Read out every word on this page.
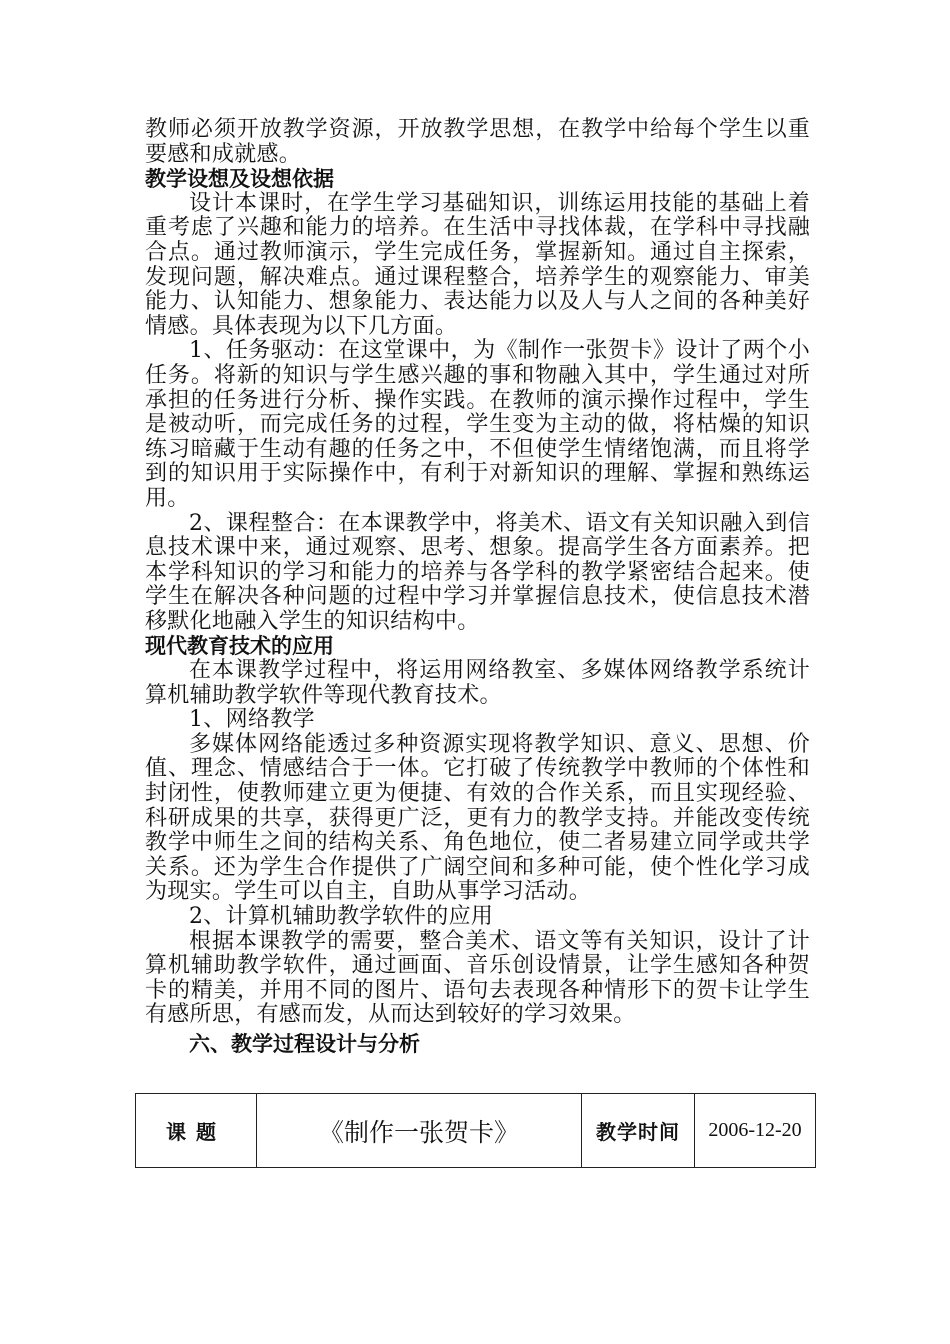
教师必须开放教学资源，开放教学思想，在教学中给每个学生以重要感和成就感。

教学设想及设想依据

设计本课时，在学生学习基础知识，训练运用技能的基础上着重考虑了兴趣和能力的培养。在生活中寻找体裁，在学科中寻找融合点。通过教师演示，学生完成任务，掌握新知。通过自主探索，发现问题，解决难点。通过课程整合，培养学生的观察能力、审美能力、认知能力、想象能力、表达能力以及人与人之间的各种美好情感。具体表现为以下几方面。

1、任务驱动：在这堂课中，为《制作一张贺卡》设计了两个小任务。将新的知识与学生感兴趣的事和物融入其中，学生通过对所承担的任务进行分析、操作实践。在教师的演示操作过程中，学生是被动听，而完成任务的过程，学生变为主动的做，将枯燥的知识练习暗藏于生动有趣的任务之中，不但使学生情绪饱满，而且将学到的知识用于实际操作中，有利于对新知识的理解、掌握和熟练运用。

2、课程整合：在本课教学中，将美术、语文有关知识融入到信息技术课中来，通过观察、思考、想象。提高学生各方面素养。把本学科知识的学习和能力的培养与各学科的教学紧密结合起来。使学生在解决各种问题的过程中学习并掌握信息技术，使信息技术潜移默化地融入学生的知识结构中。

现代教育技术的应用

在本课教学过程中，将运用网络教室、多媒体网络教学系统计算机辅助教学软件等现代教育技术。

1、网络教学

多媒体网络能透过多种资源实现将教学知识、意义、思想、价值、理念、情感结合于一体。它打破了传统教学中教师的个体性和封闭性，使教师建立更为便捷、有效的合作关系，而且实现经验、科研成果的共享，获得更广泛，更有力的教学支持。并能改变传统教学中师生之间的结构关系、角色地位，使二者易建立同学或共学关系。还为学生合作提供了广阔空间和多种可能，使个性化学习成为现实。学生可以自主，自助从事学习活动。

2、计算机辅助教学软件的应用

根据本课教学的需要，整合美术、语文等有关知识，设计了计算机辅助教学软件，通过画面、音乐创设情景，让学生感知各种贺卡的精美，并用不同的图片、语句去表现各种情形下的贺卡让学生有感所思，有感而发，从而达到较好的学习效果。

六、教学过程设计与分析

课题	《制作一张贺卡》	教学时间	2006-12-20
